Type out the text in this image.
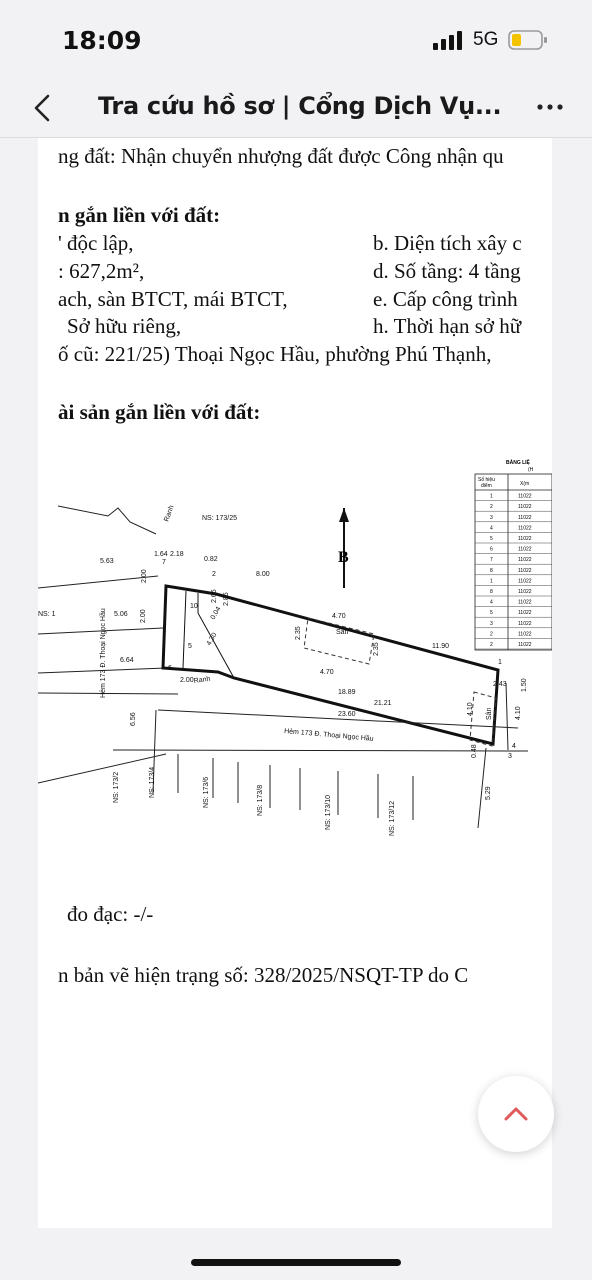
18:09	5G
Tra cứu hồ sơ | Cổng Dịch Vụ...
ng đất: Nhận chuyển nhượng đất được Công nhận qu
n gắn liền với đất:
' độc lập,	b. Diện tích xây c
: 627,2m²,	d. Số tầng: 4 tầng
ach, sàn BTCT, mái BTCT,	e. Cấp công trình
Sở hữu riêng,	h. Thời hạn sở hữ
ố cũ: 221/25) Thoại Ngọc Hầu, phường Phú Thạnh,
ài sản gắn liền với đất:
B
BẢNG LIỆ
(H
Số hiệu
điểm	X(m
1	11022
2	11022
3	11022
4	11022
5	11022
6	11022
7	11022
8	11022
1	11022
8	11022
4	11022
5	11022
3	11022
2	11022
2	11022
NS: 173/25
NS: 1
5.63
1.64 2.18
0.82
8.00
4.70
4.70
11.90
5.06
6.64
2.00
18.89
21.21
23.60
2.43
Sân
Hẻm 173 Đ. Thoại Ngọc Hầu
Hẻm 173 Đ. Thoại Ngọc Hầu
6.56
2.00
2.00
2.66 2.85
2.35
2.35
1.50
4.10	4.10
Sân
5.29
0.48
4.30
0.04
Ranh
Ranh
NS: 173/2	NS: 173/4	NS: 173/6	NS: 173/8	NS: 173/10	NS: 173/12
7
10
5
6
2
1
3
4
đo đạc: -/-
n bản vẽ hiện trạng số: 328/2025/NSQT-TP do C
